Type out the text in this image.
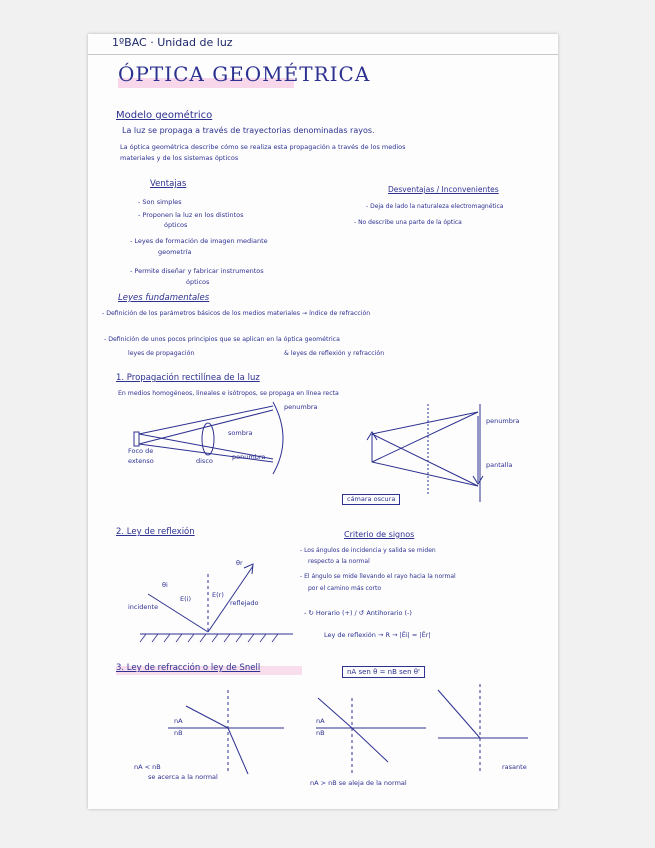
1ºBAC · Unidad de luz
ÓPTICA GEOMÉTRICA
Modelo geométrico
La luz se propaga a través de trayectorias denominadas rayos.
La óptica geométrica describe cómo se realiza esta propagación a través de los medios
materiales y de los sistemas ópticos
Ventajas
- Son simples
- Proponen la luz en los distintos
ópticos
- Leyes de formación de imagen mediante
geometría
- Permite diseñar y fabricar instrumentos
ópticos
Desventajas / Inconvenientes
- Deja de lado la naturaleza electromagnética
- No describe una parte de la óptica
Leyes fundamentales
- Definición de los parámetros básicos de los medios materiales → índice de refracción
- Definición de unos pocos principios que se aplican en la óptica geométrica
leyes de propagación	& leyes de reflexión y refracción
1. Propagación rectilínea de la luz
En medios homogéneos, lineales e isótropos, se propaga en línea recta
penumbra
sombra
penumbra
Foco de
extenso	disco
penumbra
pantalla
cámara oscura
2. Ley de reflexión
θi
θr
incidente	reflejado
E(i)	E(r)
Criterio de signos
- Los ángulos de incidencia y salida se miden
respecto a la normal
- El ángulo se mide llevando el rayo hacia la normal
por el camino más corto
- ↻ Horario (+) / ↺ Antihorario (-)
Ley de reflexión → R → |Êi| = |Êr|
3. Ley de refracción o ley de Snell	nA sen θ = nB sen θ'
nA
nB
nA
nB
nA < nB
se acerca a la normal
nA > nB se aleja de la normal
rasante
